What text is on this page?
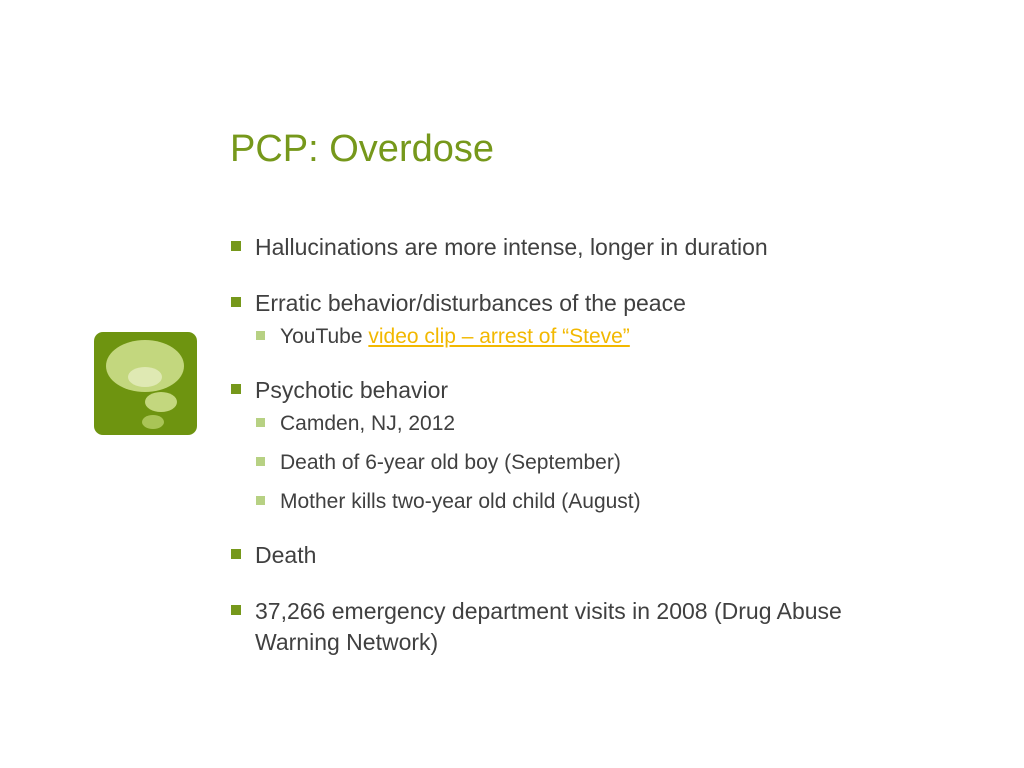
PCP: Overdose
Hallucinations are more intense, longer in duration
Erratic behavior/disturbances of the peace
YouTube video clip – arrest of “Steve”
Psychotic behavior
Camden, NJ, 2012
Death of 6-year old boy (September)
Mother kills two-year old child (August)
Death
37,266 emergency department visits in 2008 (Drug Abuse Warning Network)
